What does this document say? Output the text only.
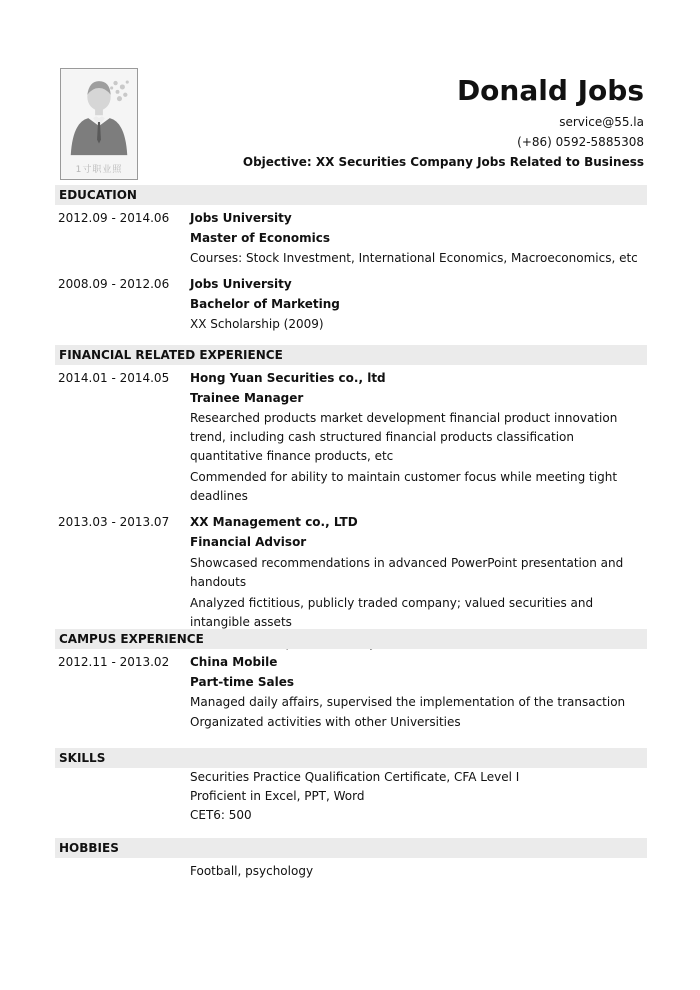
1寸职业照
Donald Jobs
service@55.la
(+86) 0592-5885308
Objective: XX Securities Company Jobs Related to Business
EDUCATION
2012.09 - 2014.06 Jobs University
Master of Economics
Courses: Stock Investment, International Economics, Macroeconomics, etc
2008.09 - 2012.06 Jobs University
Bachelor of Marketing
XX Scholarship (2009)
FINANCIAL RELATED EXPERIENCE
2014.01 - 2014.05 Hong Yuan Securities co., ltd
Trainee Manager
Researched products market development financial product innovation trend, including cash structured financial products classification quantitative finance products, etc
Commended for ability to maintain customer focus while meeting tight deadlines
2013.03 - 2013.07 XX Management co., LTD
Financial Advisor
Showcased recommendations in advanced PowerPoint presentation and handouts
Analyzed fictitious, publicly traded company; valued securities and intangible assets
CAMPUS EXPERIENCE
2012.11 - 2013.02 China Mobile
Part-time Sales
Managed daily affairs, supervised the implementation of the transaction
Organizated activities with other Universities
SKILLS
Securities Practice Qualification Certificate, CFA Level I
Proficient in Excel, PPT, Word
CET6: 500
HOBBIES
Football, psychology
